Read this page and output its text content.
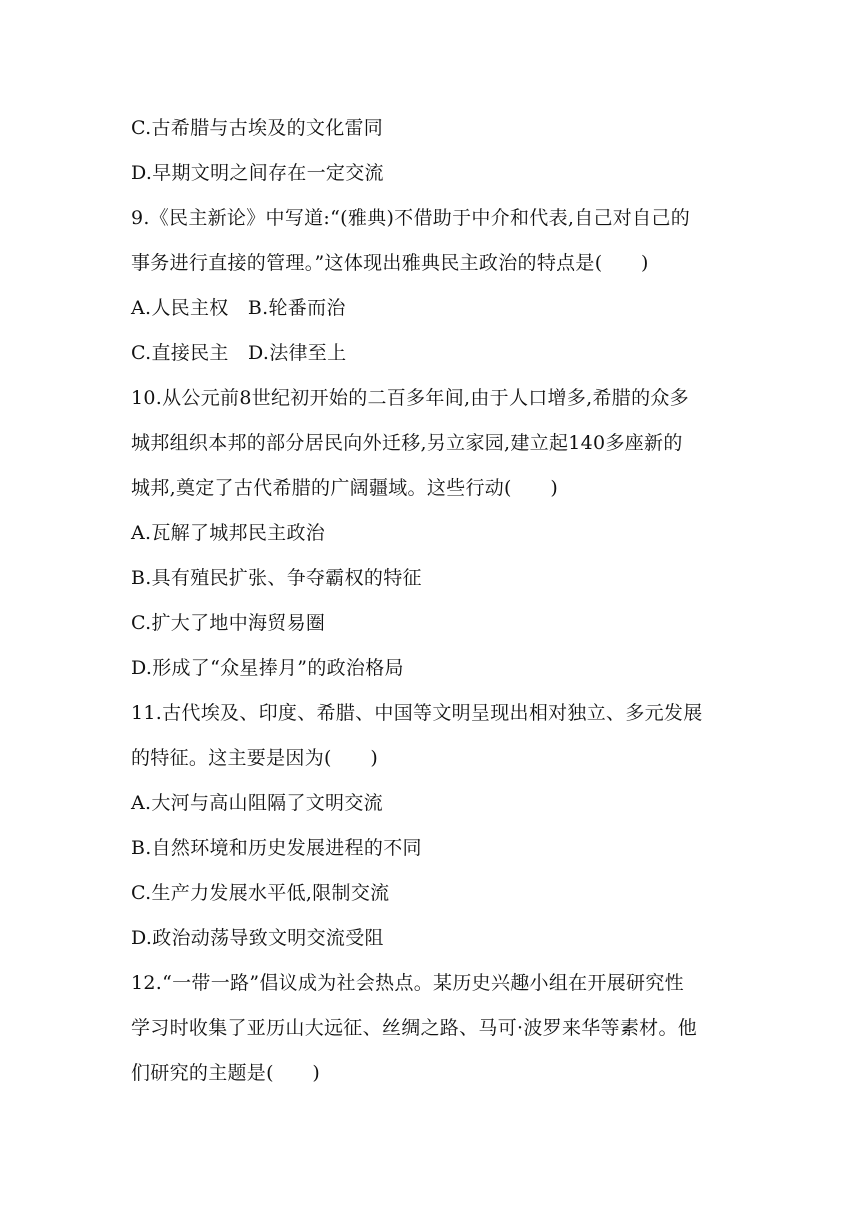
C.古希腊与古埃及的文化雷同
D.早期文明之间存在一定交流
9.《民主新论》中写道:“(雅典)不借助于中介和代表,自己对自己的
事务进行直接的管理。”这体现出雅典民主政治的特点是(　　)
A.人民主权　B.轮番而治
C.直接民主　D.法律至上
10.从公元前8世纪初开始的二百多年间,由于人口增多,希腊的众多
城邦组织本邦的部分居民向外迁移,另立家园,建立起140多座新的
城邦,奠定了古代希腊的广阔疆域。这些行动(　　)
A.瓦解了城邦民主政治
B.具有殖民扩张、争夺霸权的特征
C.扩大了地中海贸易圈
D.形成了“众星捧月”的政治格局
11.古代埃及、印度、希腊、中国等文明呈现出相对独立、多元发展
的特征。这主要是因为(　　)
A.大河与高山阻隔了文明交流
B.自然环境和历史发展进程的不同
C.生产力发展水平低,限制交流
D.政治动荡导致文明交流受阻
12.“一带一路”倡议成为社会热点。某历史兴趣小组在开展研究性
学习时收集了亚历山大远征、丝绸之路、马可·波罗来华等素材。他
们研究的主题是(　　)
